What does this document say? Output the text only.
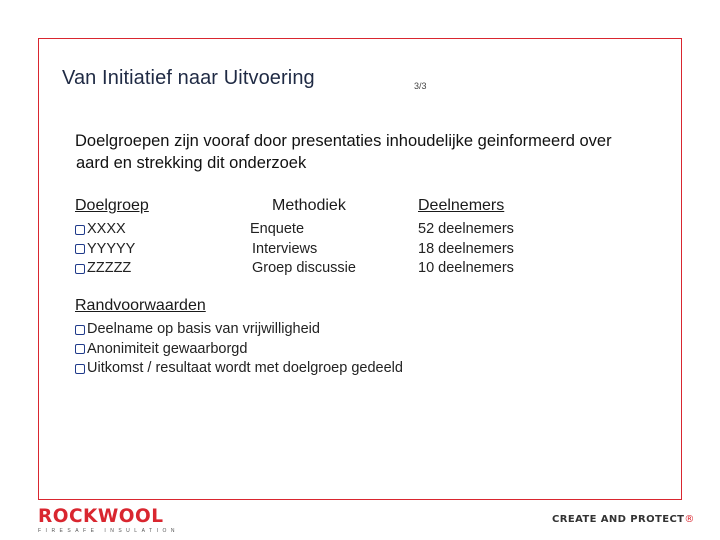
Van Initiatief naar Uitvoering	3/3
Doelgroepen zijn vooraf door presentaties inhoudelijke geinformeerd over
aard en strekking dit onderzoek
Doelgroep
XXXX
YYYYY
ZZZZZ
Methodiek
Enquete
Interviews
Groep discussie
Deelnemers
52 deelnemers
18 deelnemers
10 deelnemers
Randvoorwaarden
Deelname op basis van vrijwilligheid
Anonimiteit gewaarborgd
Uitkomst / resultaat wordt met doelgroep gedeeld
ROCKWOOL
FIRESAFE INSULATION
CREATE AND PROTECT®
